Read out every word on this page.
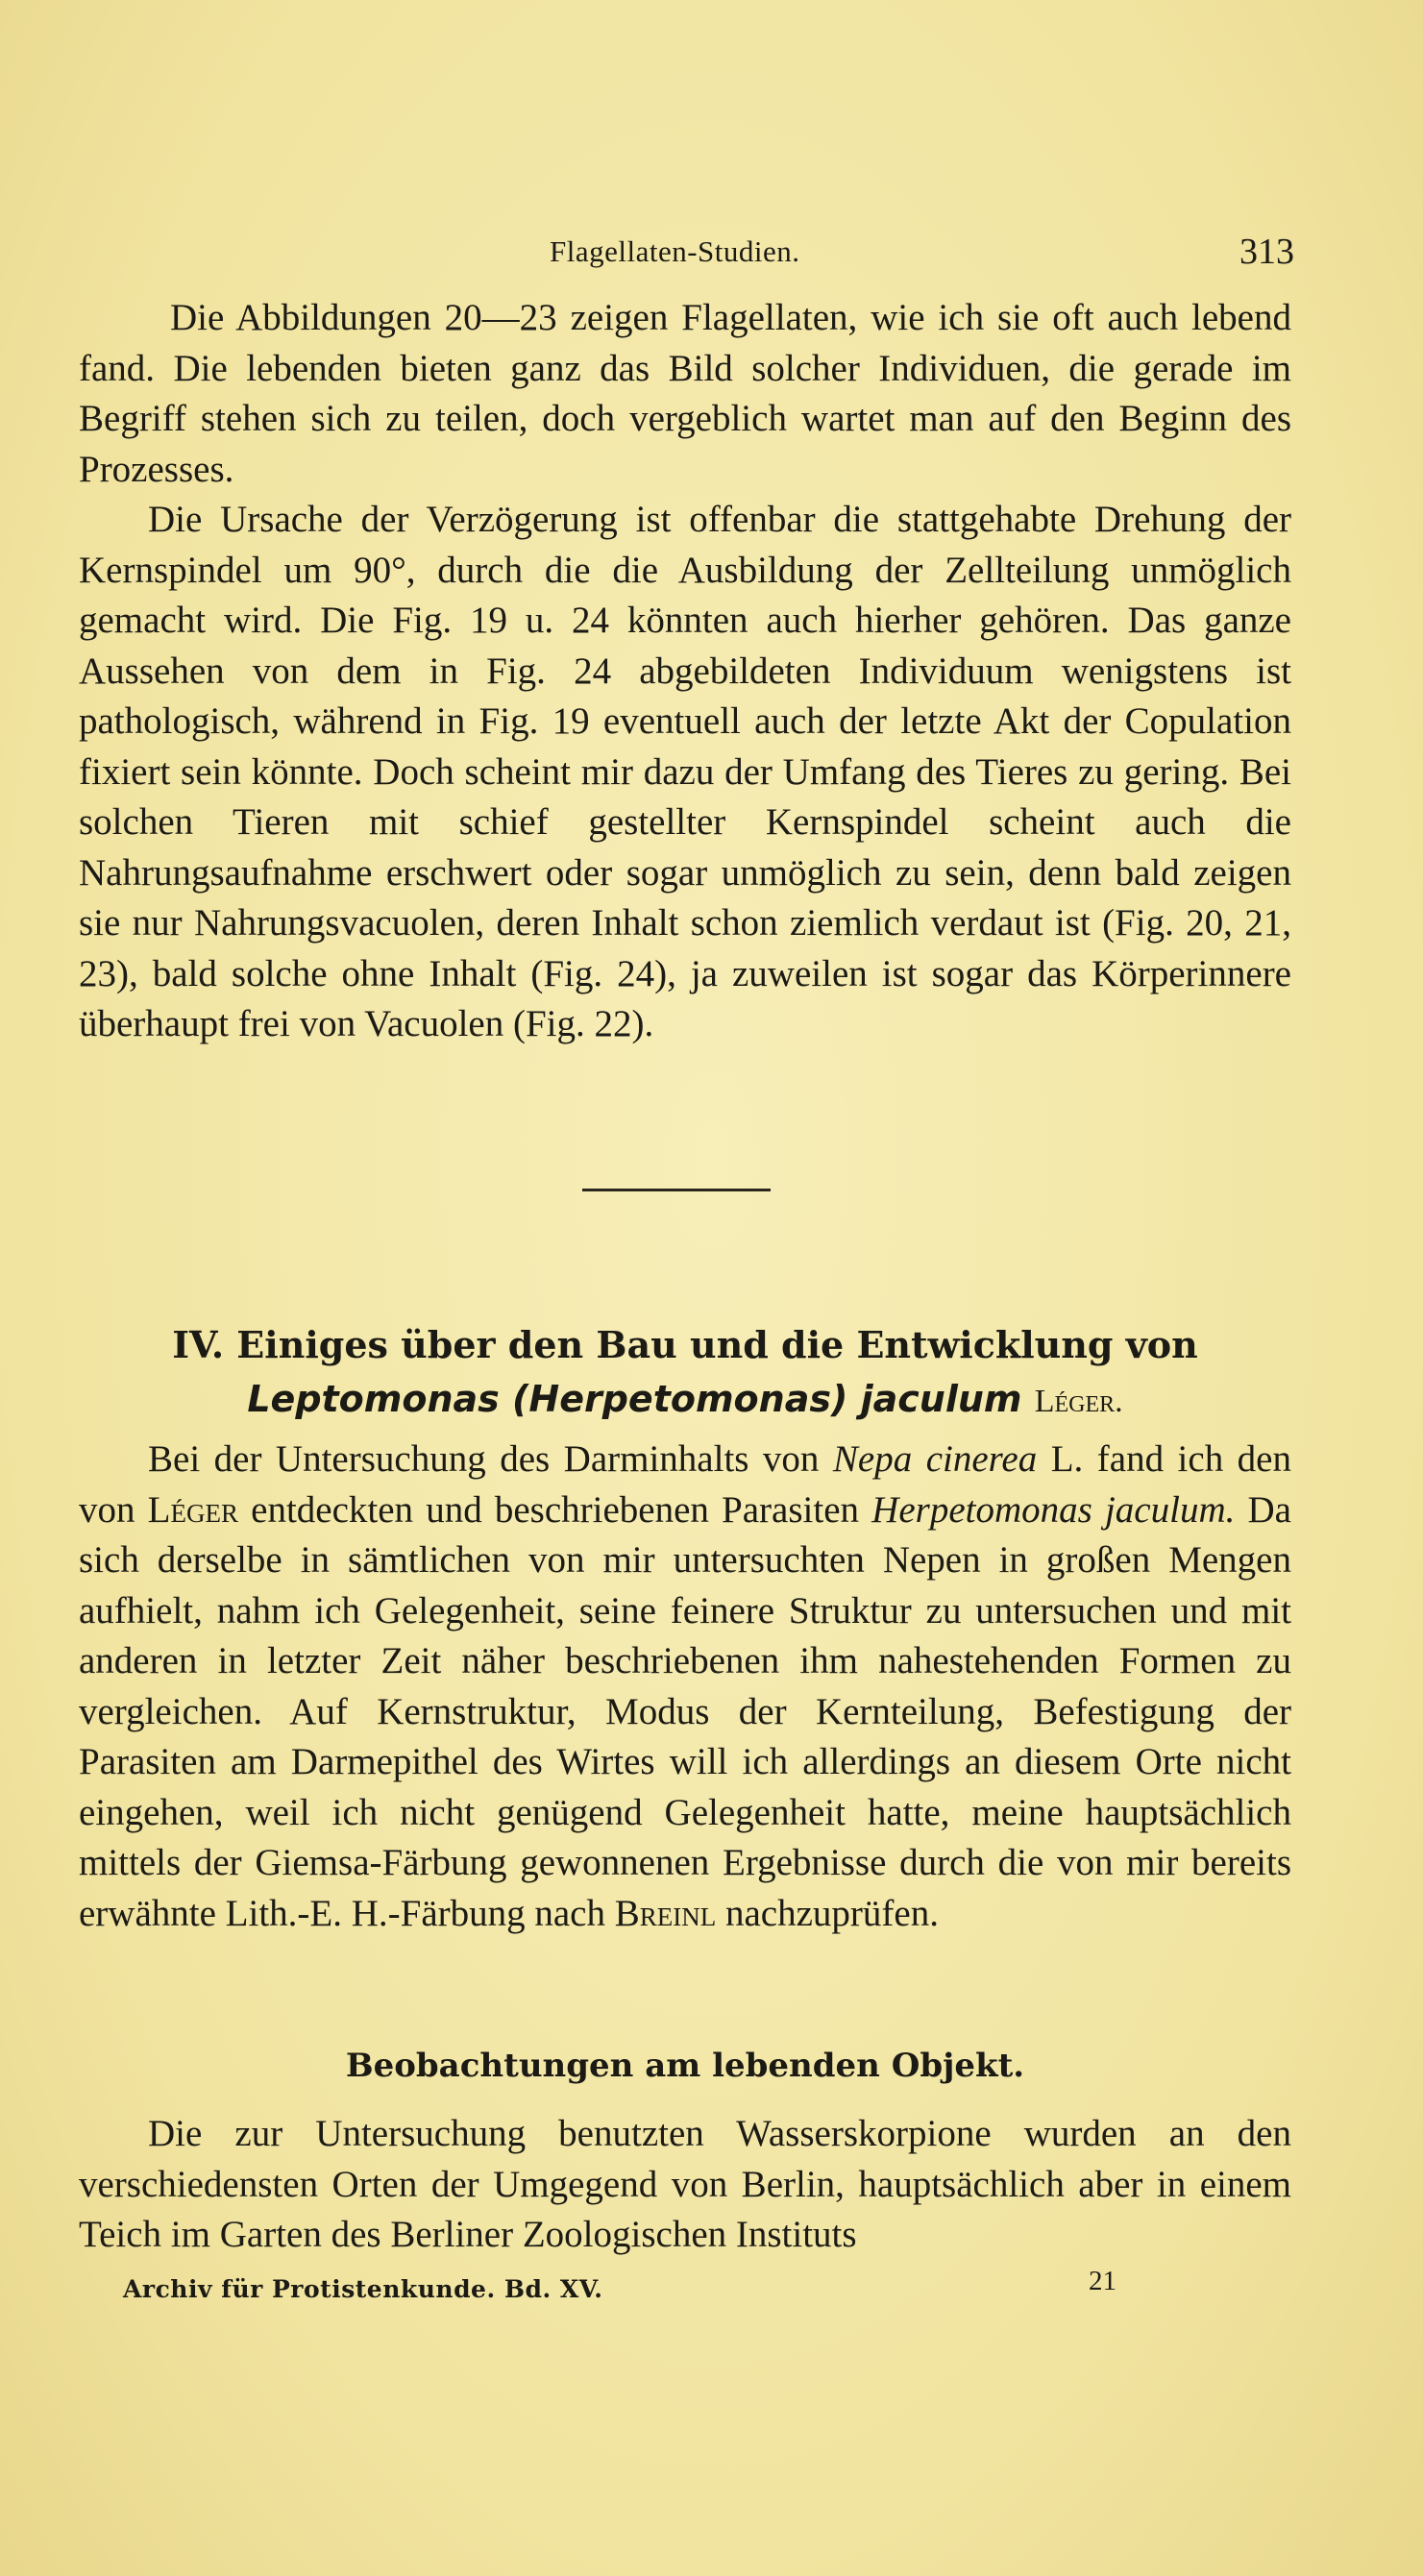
Flagellaten-Studien.	313

Die Abbildungen 20—23 zeigen Flagellaten, wie ich sie oft auch lebend fand. Die lebenden bieten ganz das Bild solcher Individuen, die gerade im Begriff stehen sich zu teilen, doch vergeblich wartet man auf den Beginn des Prozesses.

Die Ursache der Verzögerung ist offenbar die stattgehabte Drehung der Kernspindel um 90°, durch die die Ausbildung der Zellteilung unmöglich gemacht wird. Die Fig. 19 u. 24 könnten auch hierher gehören. Das ganze Aussehen von dem in Fig. 24 abgebildeten Individuum wenigstens ist pathologisch, während in Fig. 19 eventuell auch der letzte Akt der Copulation fixiert sein könnte. Doch scheint mir dazu der Umfang des Tieres zu gering. Bei solchen Tieren mit schief gestellter Kernspindel scheint auch die Nahrungsaufnahme erschwert oder sogar unmöglich zu sein, denn bald zeigen sie nur Nahrungsvacuolen, deren Inhalt schon ziemlich verdaut ist (Fig. 20, 21, 23), bald solche ohne Inhalt (Fig. 24), ja zuweilen ist sogar das Körperinnere überhaupt frei von Vacuolen (Fig. 22).

IV. Einiges über den Bau und die Entwicklung von
Leptomonas (Herpetomonas) jaculum Léger.

Bei der Untersuchung des Darminhalts von Nepa cinerea L. fand ich den von Léger entdeckten und beschriebenen Parasiten Herpetomonas jaculum. Da sich derselbe in sämtlichen von mir untersuchten Nepen in großen Mengen aufhielt, nahm ich Gelegenheit, seine feinere Struktur zu untersuchen und mit anderen in letzter Zeit näher beschriebenen ihm nahestehenden Formen zu vergleichen. Auf Kernstruktur, Modus der Kernteilung, Befestigung der Parasiten am Darmepithel des Wirtes will ich allerdings an diesem Orte nicht eingehen, weil ich nicht genügend Gelegenheit hatte, meine hauptsächlich mittels der Giemsa-Färbung gewonnenen Ergebnisse durch die von mir bereits erwähnte Lith.-E. H.-Färbung nach Breinl nachzuprüfen.

Beobachtungen am lebenden Objekt.

Die zur Untersuchung benutzten Wasserskorpione wurden an den verschiedensten Orten der Umgegend von Berlin, hauptsächlich aber in einem Teich im Garten des Berliner Zoologischen Instituts

Archiv für Protistenkunde. Bd. XV.	21
